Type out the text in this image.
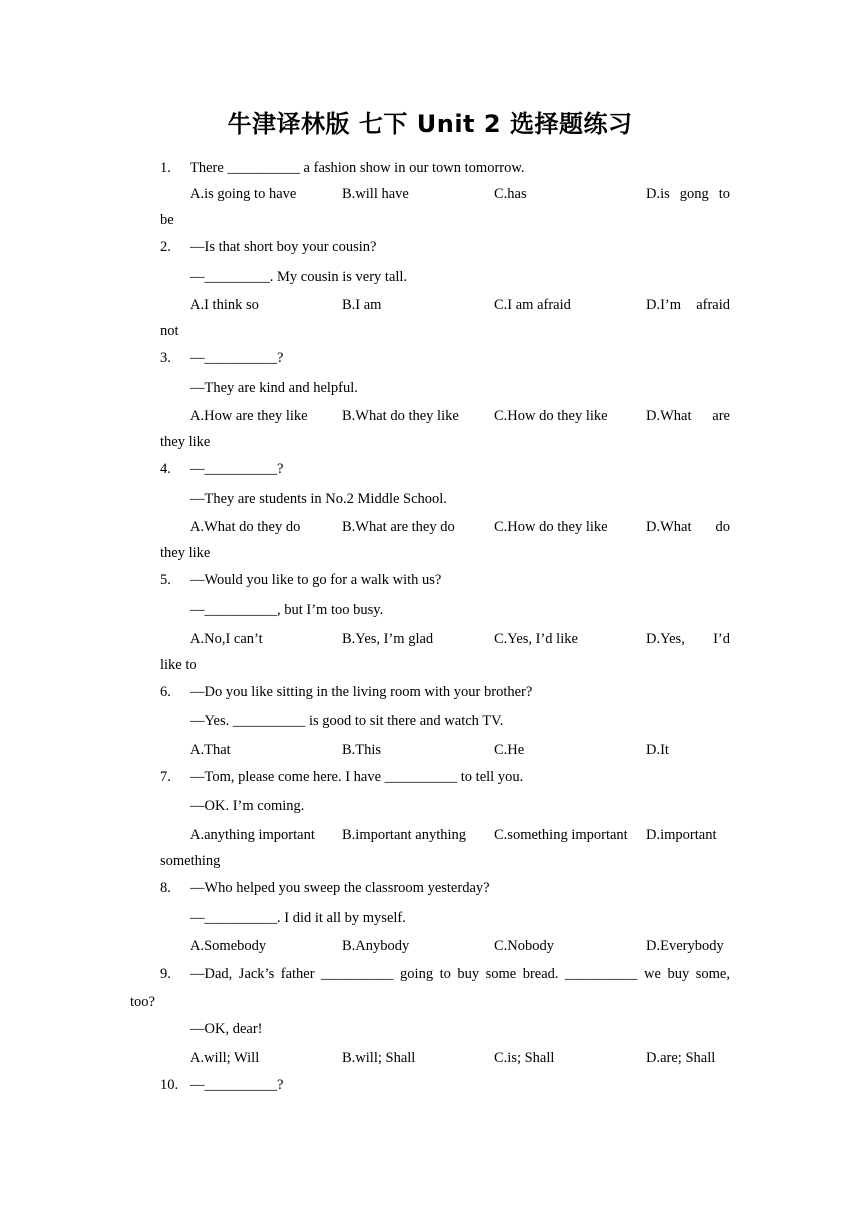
牛津译林版 七下 Unit 2 选择题练习
1. There __________ a fashion show in our town tomorrow.
A.is going to have	B.will have	C.has	D.is gong to
be
2. —Is that short boy your cousin?
—_________. My cousin is very tall.
A.I think so	B.I am	C.I am afraid	D.I’m afraid
not
3. —__________?
—They are kind and helpful.
A.How are they like B.What do they like C.How do they like	D.What are
they like
4. —__________?
—They are students in No.2 Middle School.
A.What do they do	B.What are they do	C.How do they like	D.What do
they like
5. —Would you like to go for a walk with us?
—__________, but I’m too busy.
A.No,I can’t	B.Yes, I’m glad	C.Yes, I’d like	D.Yes, I’d
like to
6. —Do you like sitting in the living room with your brother?
—Yes. __________ is good to sit there and watch TV.
A.That	B.This	C.He	D.It
7. —Tom, please come here. I have __________ to tell you.
—OK. I’m coming.
A.anything important B.important anything C.something important D.important
something
8. —Who helped you sweep the classroom yesterday?
—__________. I did it all by myself.
A.Somebody	B.Anybody	C.Nobody	D.Everybody
9. —Dad, Jack’s father __________ going to buy some bread. __________ we buy some,
too?
—OK, dear!
A.will; Will	B.will; Shall	C.is; Shall	D.are; Shall
10. —__________?
